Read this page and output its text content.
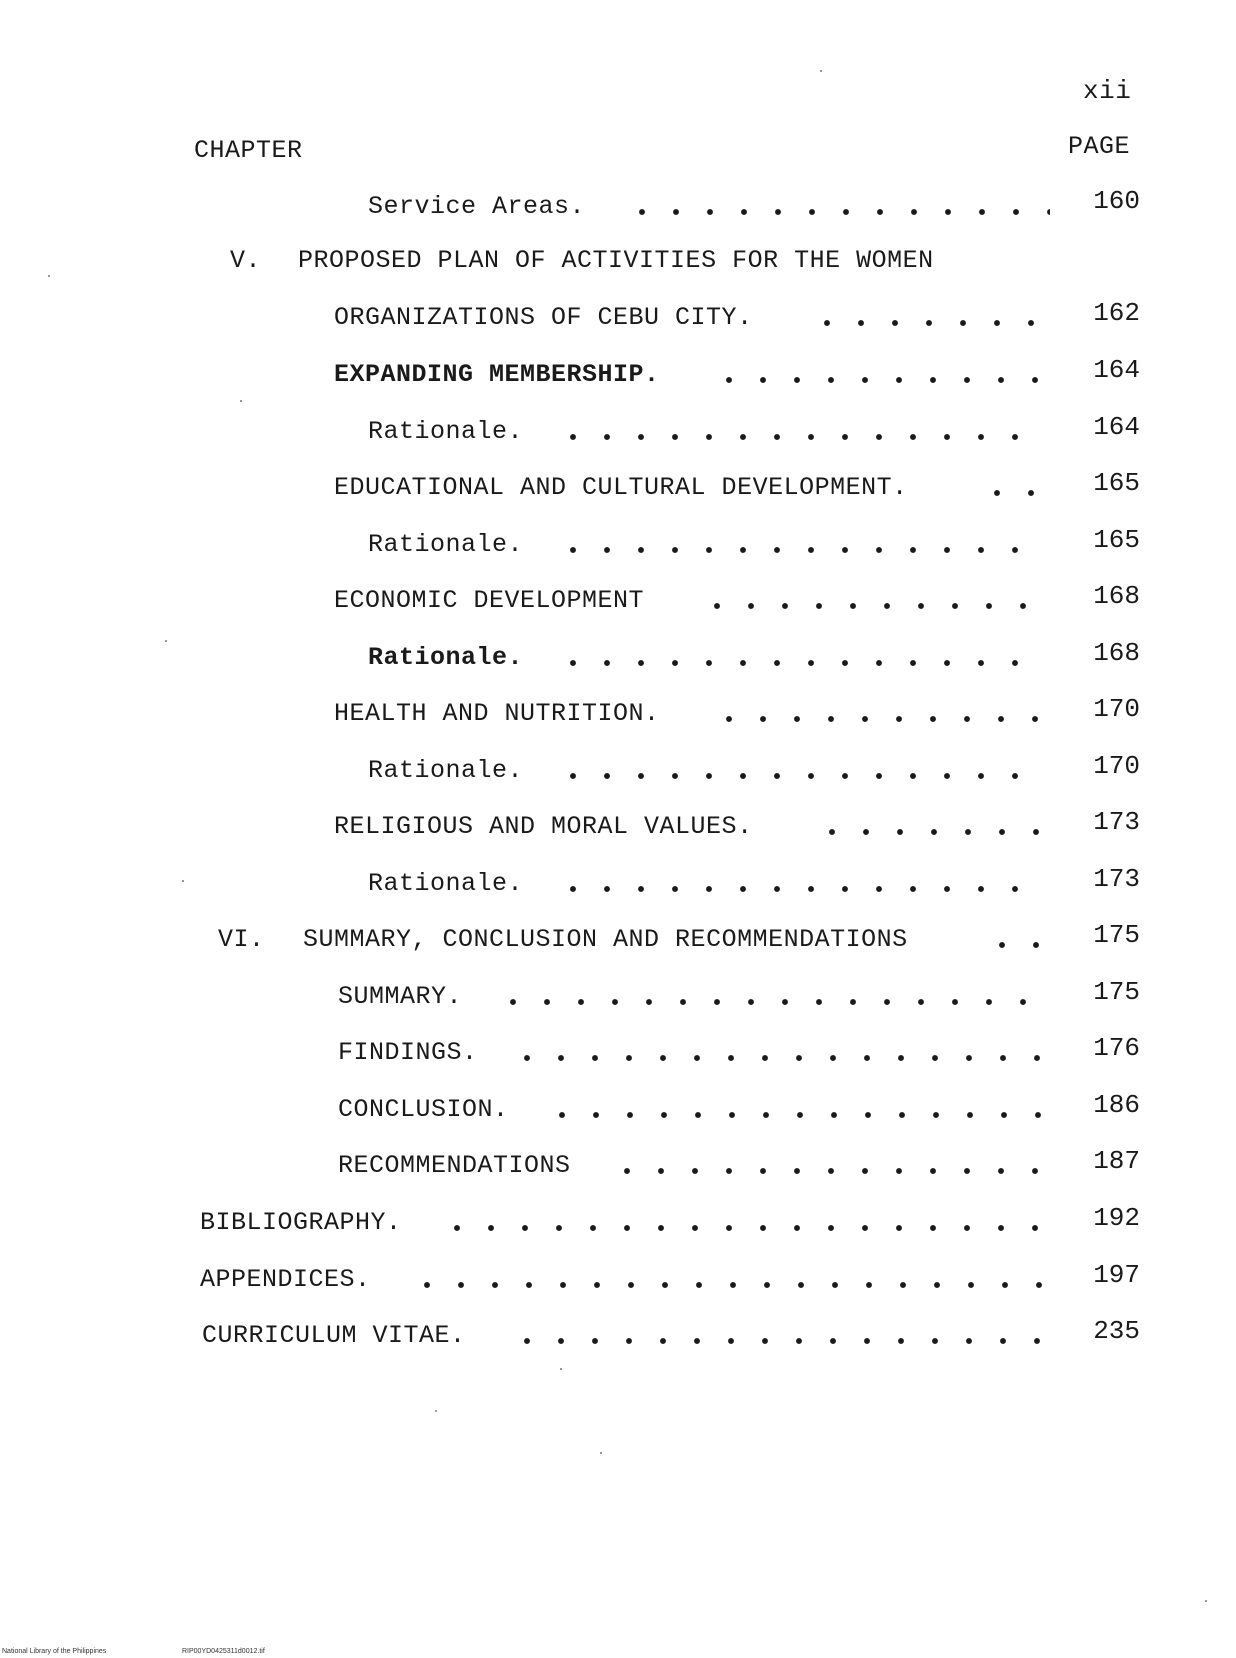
xii
CHAPTER	PAGE
Service Areas.	160
V. PROPOSED PLAN OF ACTIVITIES FOR THE WOMEN
ORGANIZATIONS OF CEBU CITY.	162
EXPANDING MEMBERSHIP.	164
Rationale.	164
EDUCATIONAL AND CULTURAL DEVELOPMENT.	165
Rationale.	165
ECONOMIC DEVELOPMENT	168
Rationale.	168
HEALTH AND NUTRITION.	170
Rationale.	170
RELIGIOUS AND MORAL VALUES.	173
Rationale.	173
VI. SUMMARY, CONCLUSION AND RECOMMENDATIONS	175
SUMMARY.	175
FINDINGS.	176
CONCLUSION.	186
RECOMMENDATIONS	187
BIBLIOGRAPHY.	192
APPENDICES.	197
CURRICULUM VITAE.	235
National Library of the Philippines	RIP00YD0425311d0012.tif
